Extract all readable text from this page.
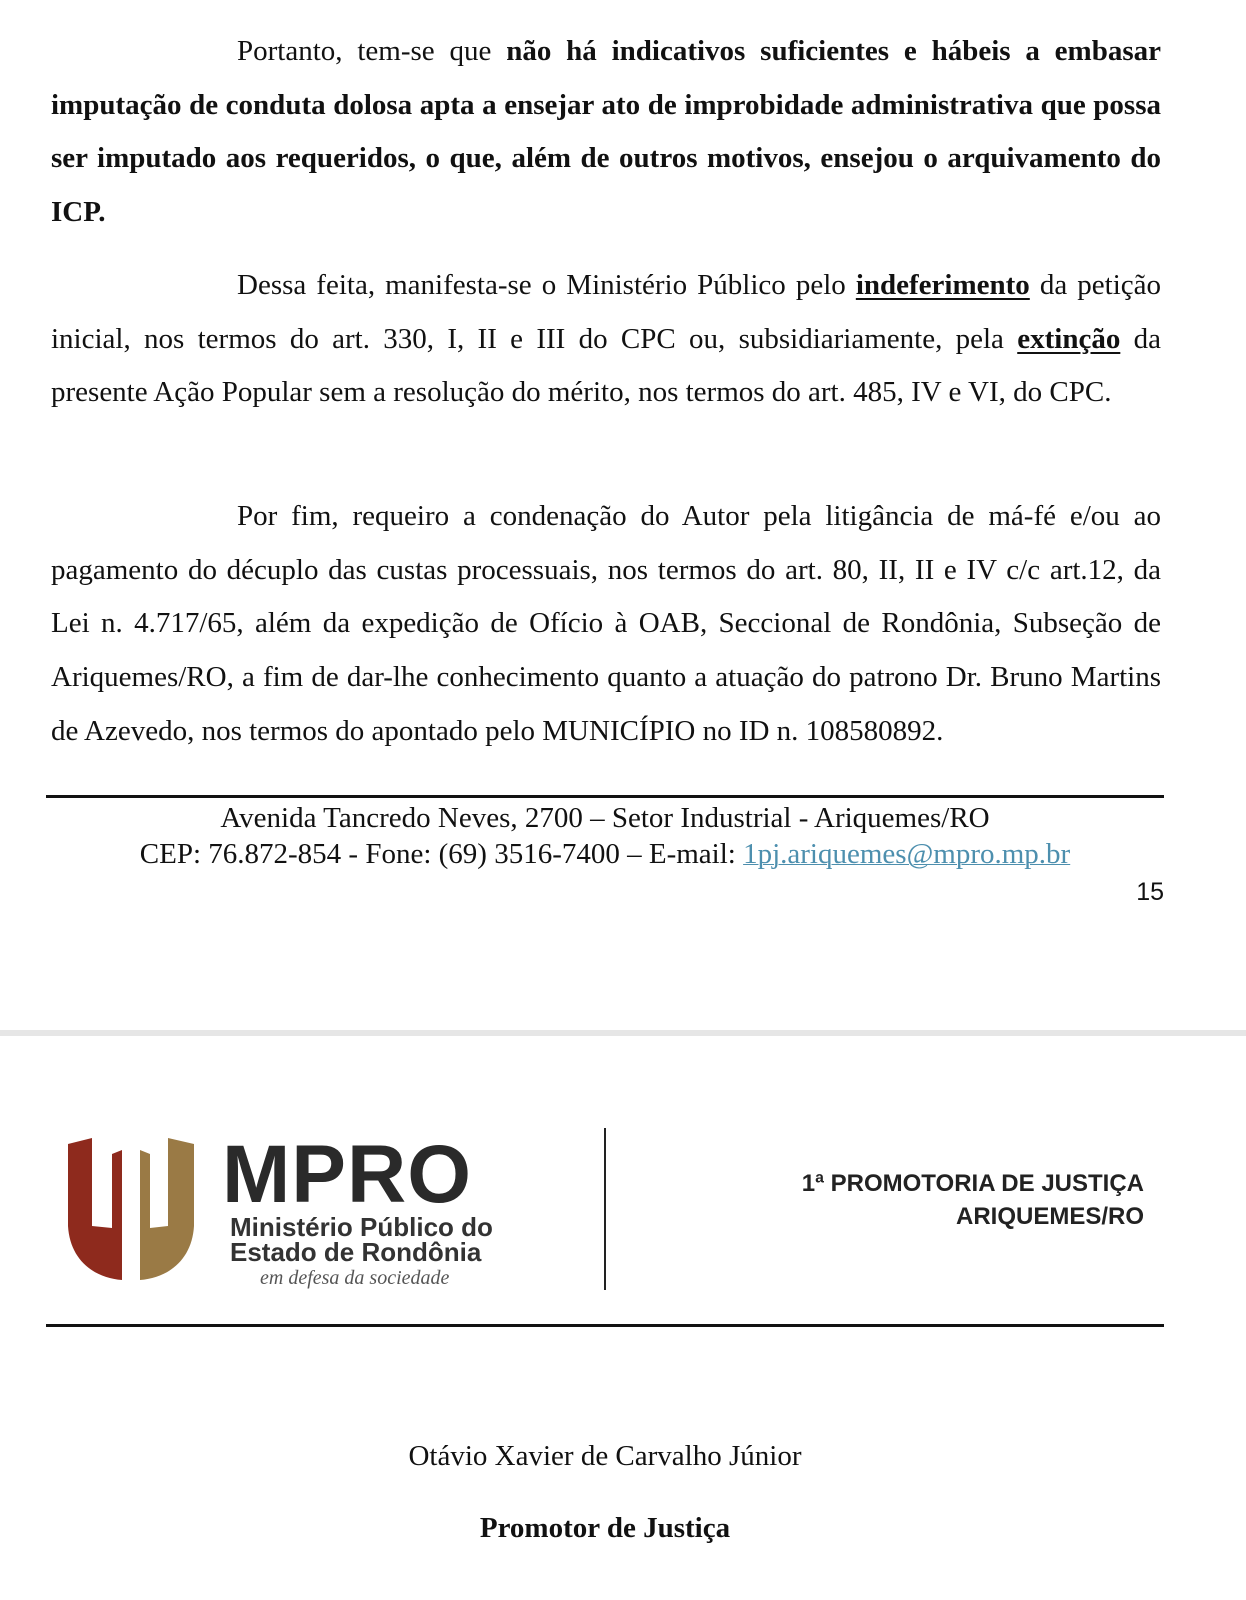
Portanto, tem-se que não há indicativos suficientes e hábeis a embasar imputação de conduta dolosa apta a ensejar ato de improbidade administrativa que possa ser imputado aos requeridos, o que, além de outros motivos, ensejou o arquivamento do ICP.

Dessa feita, manifesta-se o Ministério Público pelo indeferimento da petição inicial, nos termos do art. 330, I, II e III do CPC ou, subsidiariamente, pela extinção da presente Ação Popular sem a resolução do mérito, nos termos do art. 485, IV e VI, do CPC.

Por fim, requeiro a condenação do Autor pela litigância de má-fé e/ou ao pagamento do décuplo das custas processuais, nos termos do art. 80, II, II e IV c/c art.12, da Lei n. 4.717/65, além da expedição de Ofício à OAB, Seccional de Rondônia, Subseção de Ariquemes/RO, a fim de dar-lhe conhecimento quanto a atuação do patrono Dr. Bruno Martins de Azevedo, nos termos do apontado pelo MUNICÍPIO no ID n. 108580892.

Avenida Tancredo Neves, 2700 – Setor Industrial - Ariquemes/RO
CEP: 76.872-854 - Fone: (69) 3516-7400 – E-mail: 1pj.ariquemes@mpro.mp.br
15
MPRO
Ministério Público do
Estado de Rondônia
em defesa da sociedade
1ª PROMOTORIA DE JUSTIÇA
ARIQUEMES/RO
Otávio Xavier de Carvalho Júnior
Promotor de Justiça
